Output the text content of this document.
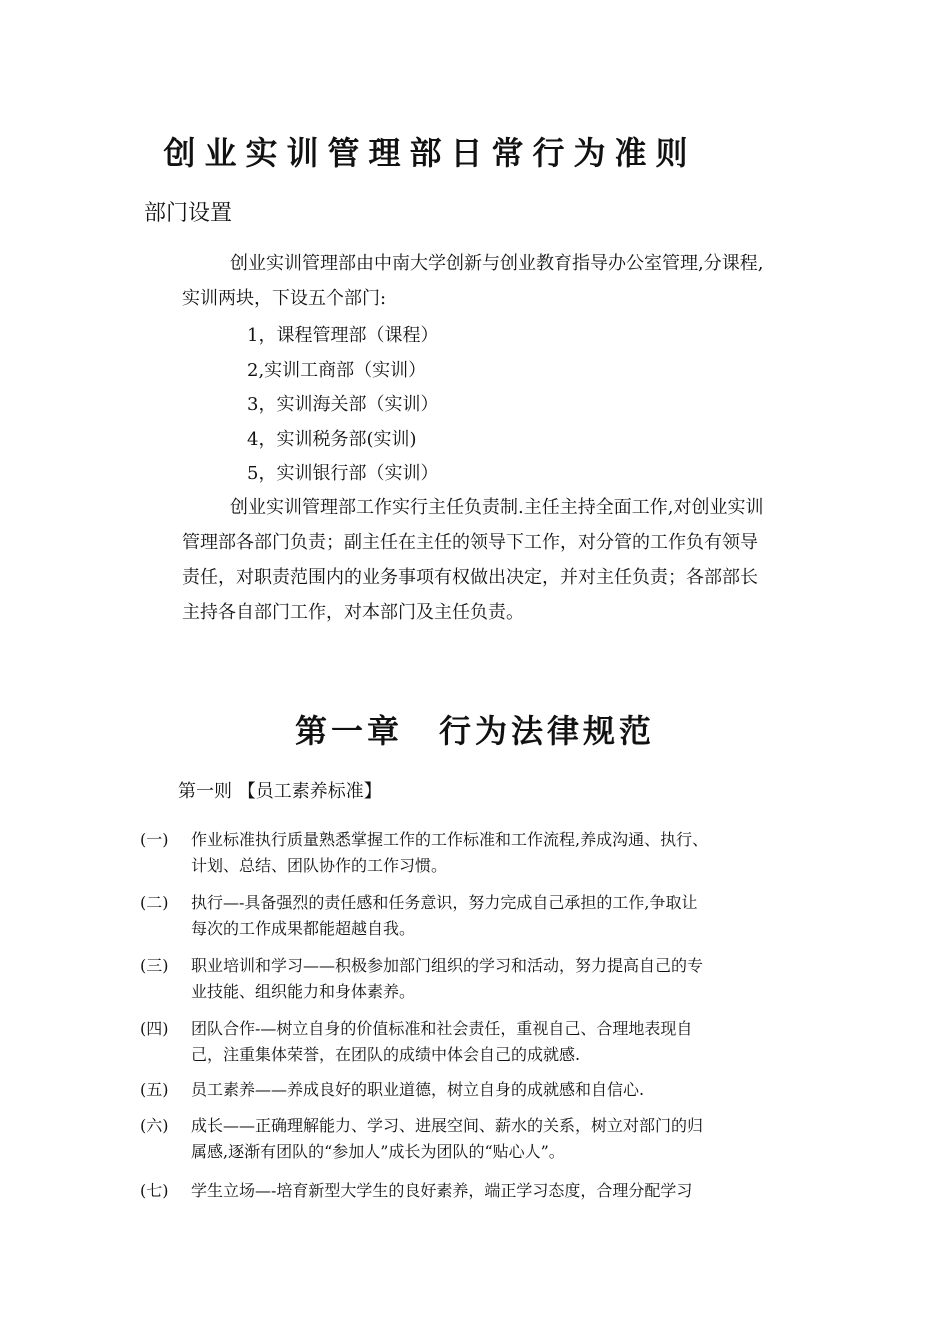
创业实训管理部日常行为准则
部门设置
创业实训管理部由中南大学创新与创业教育指导办公室管理,分课程,
实训两块，下设五个部门:
1，课程管理部（课程）
2,实训工商部（实训）
3，实训海关部（实训）
4，实训税务部(实训)
5，实训银行部（实训）
创业实训管理部工作实行主任负责制.主任主持全面工作,对创业实训
管理部各部门负责；副主任在主任的领导下工作，对分管的工作负有领导
责任，对职责范围内的业务事项有权做出决定，并对主任负责；各部部长
主持各自部门工作，对本部门及主任负责。
第一章　行为法律规范
第一则 【员工素养标准】
(一) 作业标准执行质量熟悉掌握工作的工作标准和工作流程,养成沟通、执行、
计划、总结、团队协作的工作习惯。
(二) 执行—-具备强烈的责任感和任务意识，努力完成自己承担的工作,争取让
每次的工作成果都能超越自我。
(三) 职业培训和学习——积极参加部门组织的学习和活动，努力提高自己的专
业技能、组织能力和身体素养。
(四) 团队合作-—树立自身的价值标准和社会责任，重视自己、合理地表现自
己，注重集体荣誉，在团队的成绩中体会自己的成就感.
(五) 员工素养——养成良好的职业道德，树立自身的成就感和自信心.
(六) 成长——正确理解能力、学习、进展空间、薪水的关系，树立对部门的归
属感,逐渐有团队的“参加人”成长为团队的“贴心人”。
(七) 学生立场—-培育新型大学生的良好素养，端正学习态度，合理分配学习
